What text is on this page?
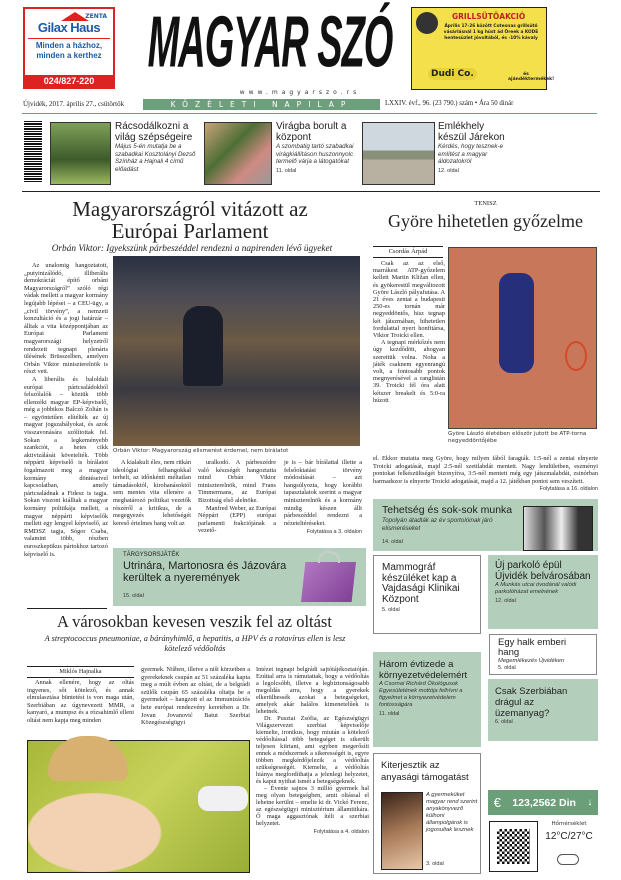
ZENTA
Gilax Haus
Minden a házhoz, minden a kerthez
024/827-220	MAGYAR SZÓ
www.magyarszo.rs
GRILLSÜTŐAKCIÓ
Április 17-26 között Cotexnas grillsütő vásárlásnál 1 kg húst ád Öreek a KODE hentesüzlet jóvoltából, és -10% kávaly
Dudi Co.	és ajándéktermékek!
Újvidék, 2017. április 27., csütörtök	KÖZÉLETI NAPILAP	LXXIV. évf., 96. (23 790.) szám • Ára 50 dinár
Rácsodálkozni a világ szépségeire
Május 5-én mutatja be a szabadkai Kosztolányi Dezső Színház a Hajnali 4 című előadást
Virágba borult a központ
A szombatig tartó szabadkai virágkiállításon huszonnyolc termelő várja a látogatókat
11. oldal
Emlékhely készül Járekon
Kérdés, hogy tesznek-e említést a magyar áldozatokról
12. oldal
Magyarországról vitázott az Európai Parlament
Orbán Viktor: Igyekszünk párbeszéddel rendezni a napirenden lévő ügyeket

Az unalomig hangoztatott, „putyinizálódó, illiberális demokráciát építő orbáni Magyarországról” szóló régi vádak mellett a magyar kormány legújabb lépései – a CEU-ügy, a „civil törvény”, a nemzeti konzultáció és a jogi határzár – álltak a vita középpontjában az Európai Parlament magyarországi helyzetről rendezett tegnapi plenáris ülésének Brüsszelben, amelyen Orbán Viktor miniszterelnök is részt vett.

A liberális és baloldali európai pártcsaládokból felszólalók – köztük több ellenzéki magyar EP-képviselő, még a jobbikos Balczó Zoltán is – egyöntetűen elítélték az új magyar jogszabályokat, és azok visszavonására szólítottak fel. Sokan a legkeményebb szankciót, a hetes cikk aktivizálását követelték. Több néppárti képviselő is bírálatot fogalmazott meg a magyar kormány döntéseivel kapcsolatban, amely pártcsaládnak a Fidesz is tagja. Sokan viszont kiálltak a magyar kormány politikája mellett, a magyar néppárti képviselők mellett egy lengyel képviselő, az RMDSZ tagja, Sógor Csaba, valamint több, részben euroszkeptikus pártokhoz tartozó képviselő is.

Orbán Viktor: Magyarország elismerést érdemel, nem bírálatot

A kialakult éles, nem ritkán ideológiai felhangokkal terhelt, az időnkénti méltatlan támadásoktól, kirohanásoktól sem mentes vita ellenére a meghatározó politikai vezetők részéről a kritikus, de a megegyezés lehetőségét kereső értelmes hang volt az

uralkodó. A párbeszédre való készségét hangoztatta mind Orbán Viktor miniszterelnök, mind Frans Timmermans, az Európai Bizottság első alelnöke.

Manfred Weber, az Európai Néppárt (EPP) európai parlamenti frakciójának a vezető-

je is – bár bírálattal illette a felsőoktatási törvény módosítását – azt hangsúlyozta, hogy korábbi tapasztalatok szerint a magyar miniszterelnök és a kormány mindig készen állt párbeszéddel rendezni a nézeteltéréseket.

Folytatása a 3. oldalon
TÁRGYSORSJÁTÉK
Utrinára, Martonosra és Jázovára kerültek a nyeremények
15. oldal
TENISZ
Györe hihetetlen győzelme
Csordás Árpád

Csak az az első, marrákest ATP-győzelem kellett Martin Kližan ellen, és gyökerestül megváltozott Györe László pályafutása. A 21 éves zentai a budapesti 250-es tornán már negyeddöntős, hisz tegnap két játszmában, hihetetlen fordulattal nyert honfitársa, Viktor Troicki ellen.

A tegnapi mérkőzés nem úgy kezdődött, ahogyan szerettük volna. Noha a játék csaknem egyenrangú volt, a fontosabb pontok megnyerésével a ranglistán 39. Troicki fél óra alatt kétszer breakelt és 5:0-ra húzott

Györe László életében először jutott be ATP-torna negyeddöntőjébe
el. Ekkor mutatta meg Györe, hogy milyen fából faragták. 1:5-nél a zentai elnyerte Troicki adogatását, majd 2:5-nél szettlabdát mentett. Nagy lendületben, eszményi pontokat felkészültségét bizonyítva, 3:5-nél mentett még egy játszmalabdát, zsinórban harmadszor is elnyerte Troicki adogatását, majd a 12. játékban pontot sem veszített.
Folytatása a 16. oldalon
Tehetség és sok-sok munka
Topolyán átadták az év sportolóinak járó elismeréseket
14. oldal
Mammográf készüléket kap a Vajdasági Klinikai Központ
5. oldal
Új parkoló épül Újvidék belvárosában
A Munkás utcai óvodánál valódi parkolóházat emelnének
12. oldal
Egy halk emberi hang
Megemlékezés Újvidéken
5. oldal
Három évtizede a környezetvédelemért
A Csornai Richárd Ökológusok Egyesületének mottója felhívni a figyelmet a környezetvédelem fontosságára
11. oldal
Csak Szerbiában drágul az üzemanyag?
6. oldal
Kiterjesztik az anyasági támogatást
A gyermeküket magyar rend szerint anyakönyvező külhoni állampolgárok is jogosultak lesznek
3. oldal
€ 123,2562 Din ↓
Hőmérséklet
12°C/27°C
A városokban kevesen veszik fel az oltást
A streptococcus pneumoniae, a bárányhimlő, a hepatitis, a HPV és a rotavírus ellen is lesz kötelező védőoltás
Miklós Hajnalka

Annak ellenére, hogy az oltás ingyenes, sőt kötelező, és annak elmulasztása büntetést is von maga után, Szerbiában az úgynevezett MMR, a kanyaró, a mumpsz és a rózsahimlő elleni oltást nem kapja meg minden

gyermek. Nišben, illetve a niši körzetben a gyerekeknek csupán az 51 százaléka kapta meg a múlt évben az oltást, de a belgrádi szülők csupán 65 százaléka oltatja be a gyermekét – hangzott el az Immunizációs hete európai rendezvény keretében a Dr. Jovan Jovanović Batut Szerbiai Közegészségügyi

Intézet tegnapi belgrádi sajtótájékoztatóján. Ezúttal arra is rámutattak, hogy a védőoltás a legolcsóbb, illetve a legbiztonságosabb megoldás arra, hogy a gyerekek elkerülhessék azokat a betegségeket, amelyek akár halálos kimenetelűek is lehetnek.

Dr. Pusztai Zsófia, az Egészségügyi Világszervezet szerbiai képviselője kiemelte, ironikus, hogy miután a kötelező védőoltással több betegséget is sikerült teljesen kiirtani, ami egyben megerősíti ennek a módszernek a sikerességét is, egyre többen megkérdőjelezik a védőoltás szükségességét. Kiemelte, a védőoltás hiánya megfordíthatja a jelenlegi helyzetet, és kaput nyithat ismét a betegségeknek.

– Évente sajnos 3 millió gyermek hal meg olyan betegségben, amit oltással el lehetne kerülni – emelte ki dr. Vickó Ferenc, az egészségügyi minisztérium államtitkára. Ő maga aggasztónak ítéli a szerbiai helyzetet.

Folytatása a 4. oldalon
